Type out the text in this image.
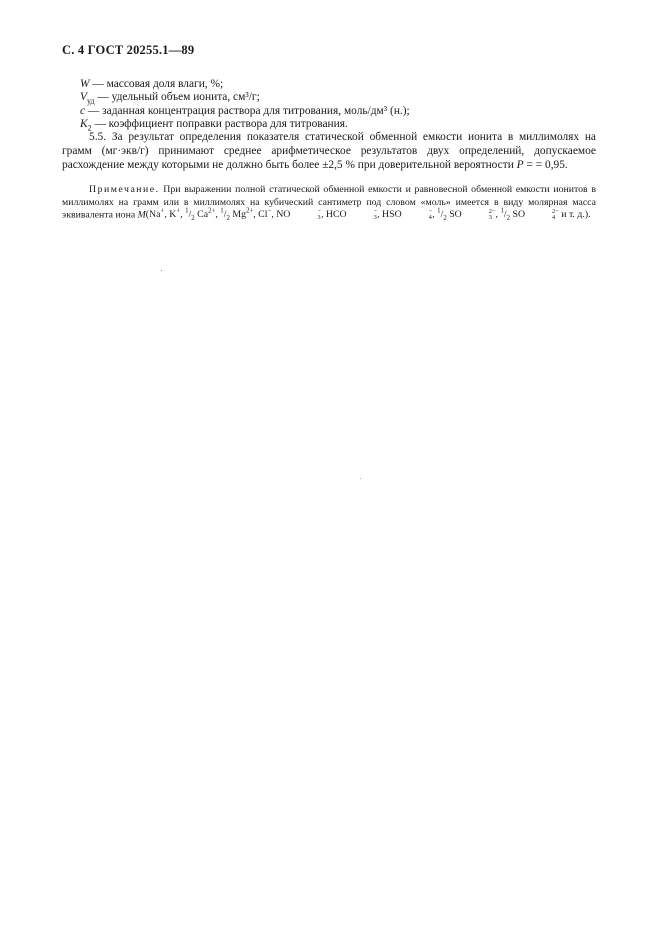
С. 4 ГОСТ 20255.1—89
W — массовая доля влаги, %;
$V_{уд}$ — удельный объем ионита, см³/г;
c — заданная концентрация раствора для титрования, моль/дм³ (н.);
$K_2$ — коэффициент поправки раствора для титрования.
5.5. За результат определения показателя статической обменной емкости ионита в миллимолях на грамм (мг·экв/г) принимают среднее арифметическое результатов двух определений, допускаемое расхождение между которыми не должно быть более ±2,5 % при доверительной вероятности P = = 0,95.
Примечание. При выражении полной статической обменной емкости и равновесной обменной емкости ионитов в миллимолях на грамм или в миллимолях на кубический сантиметр под словом «моль» имеется в виду молярная масса эквивалента иона M(Na+, K+, $^1/_2$ $Ca^{2+}$, $^1/_2$ $Mg^{2+}$, Cl−, NO	−
3 , HCO	−
3 , HSO	−
4 , $^1/_2$ SO	2−
3 , $^1/_2$ SO	2−
4 и т. д.).
